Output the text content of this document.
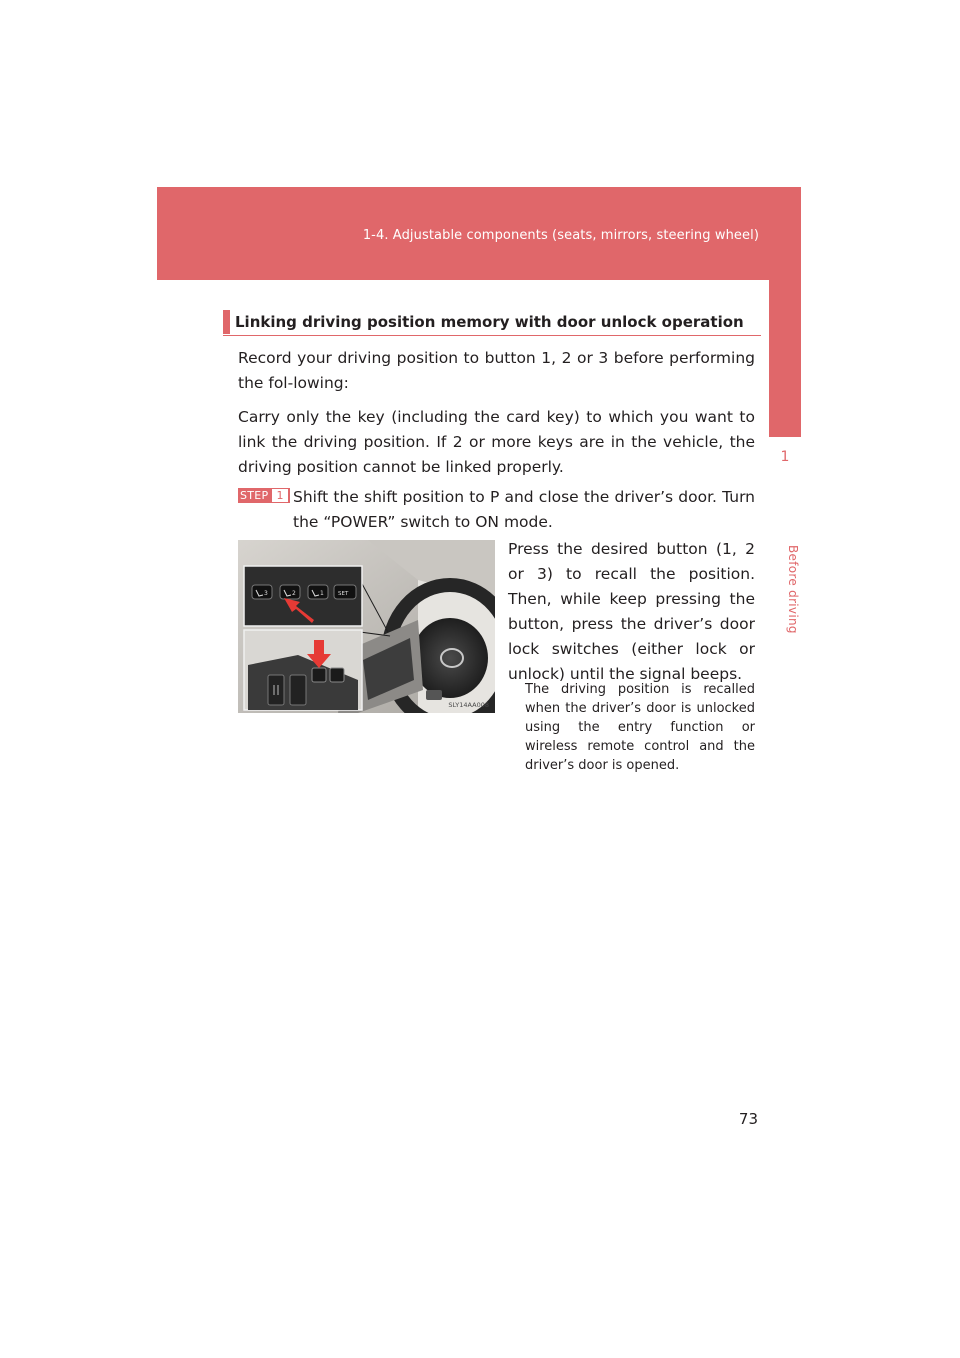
1-4. Adjustable components (seats, mirrors, steering wheel)
1
Before driving
Linking driving position memory with door unlock operation
Record your driving position to button 1, 2 or 3 before performing the fol-lowing:
Carry only the key (including the card key) to which you want to link the driving position. If 2 or more keys are in the vehicle, the driving position cannot be linked properly.
STEP 1 Shift the shift position to P and close the driver’s door. Turn the “POWER” switch to ON mode.
3	2	1	SET
SLY14AA008
Press the desired button (1, 2 or 3) to recall the position. Then, while keep pressing the button, press the driver’s door lock switches (either lock or unlock) until the signal beeps.
The driving position is recalled when the driver’s door is unlocked using the entry function or wireless remote control and the driver’s door is opened.
73
